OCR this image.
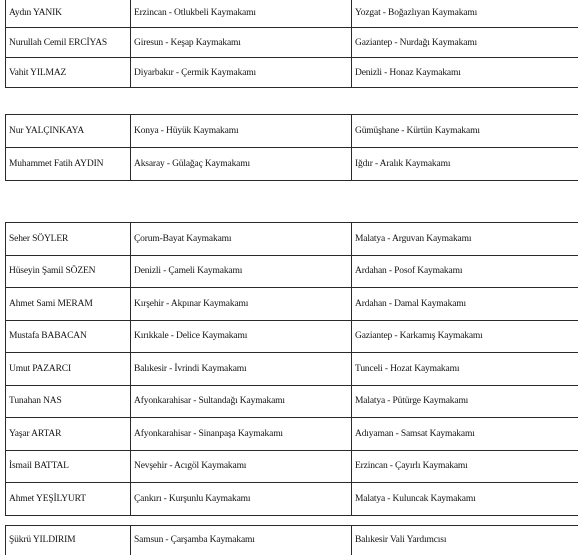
Aydın YANIK	Erzincan - Otlukbeli Kaymakamı	Yozgat - Boğazlıyan Kaymakamı
Nurullah Cemil ERCİYAS	Giresun - Keşap Kaymakamı	Gaziantep - Nurdağı Kaymakamı
Vahit YILMAZ	Diyarbakır - Çermik Kaymakamı	Denizli - Honaz Kaymakamı
Nur YALÇINKAYA	Konya - Hüyük Kaymakamı	Gümüşhane - Kürtün Kaymakamı
Muhammet Fatih AYDIN	Aksaray - Gülağaç Kaymakamı	Iğdır - Aralık Kaymakamı
Seher SÖYLER	Çorum-Bayat Kaymakamı	Malatya - Arguvan Kaymakamı
Hüseyin Şamil SÖZEN	Denizli - Çameli Kaymakamı	Ardahan - Posof Kaymakamı
Ahmet Sami MERAM	Kırşehir - Akpınar Kaymakamı	Ardahan - Damal Kaymakamı
Mustafa BABACAN	Kırıkkale - Delice Kaymakamı	Gaziantep - Karkamış Kaymakamı
Umut PAZARCI	Balıkesir - İvrindi Kaymakamı	Tunceli - Hozat Kaymakamı
Tunahan NAS	Afyonkarahisar - Sultandağı Kaymakamı	Malatya - Pütürge Kaymakamı
Yaşar ARTAR	Afyonkarahisar - Sinanpaşa Kaymakamı	Adıyaman - Samsat Kaymakamı
İsmail BATTAL	Nevşehir - Acıgöl Kaymakamı	Erzincan - Çayırlı Kaymakamı
Ahmet YEŞİLYURT	Çankırı - Kurşunlu Kaymakamı	Malatya - Kuluncak Kaymakamı
Şükrü YILDIRIM	Samsun - Çarşamba Kaymakamı	Balıkesir Vali Yardımcısı
